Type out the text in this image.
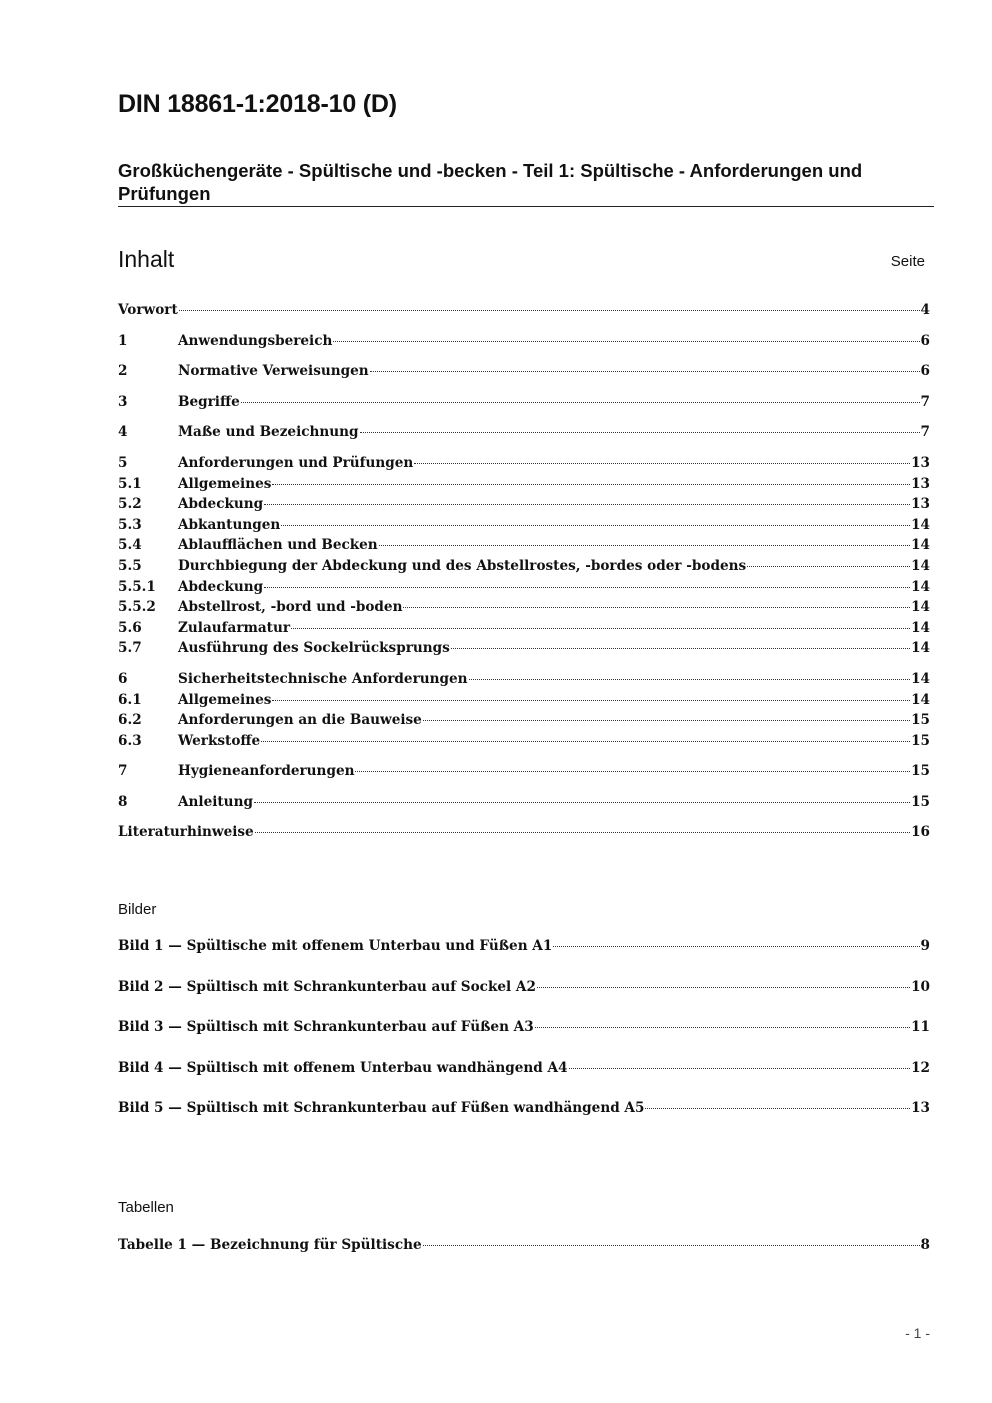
DIN 18861-1:2018-10 (D)
Großküchengeräte - Spültische und -becken - Teil 1: Spültische - Anforderungen und Prüfungen
Inhalt	Seite
Vorwort	4
1	Anwendungsbereich	6
2	Normative Verweisungen	6
3	Begriffe	7
4	Maße und Bezeichnung	7
5	Anforderungen und Prüfungen	13
5.1	Allgemeines	13
5.2	Abdeckung	13
5.3	Abkantungen	14
5.4	Ablaufflächen und Becken	14
5.5	Durchbiegung der Abdeckung und des Abstellrostes, -bordes oder -bodens	14
5.5.1	Abdeckung	14
5.5.2	Abstellrost, -bord und -boden	14
5.6	Zulaufarmatur	14
5.7	Ausführung des Sockelrücksprungs	14
6	Sicherheitstechnische Anforderungen	14
6.1	Allgemeines	14
6.2	Anforderungen an die Bauweise	15
6.3	Werkstoffe	15
7	Hygieneanforderungen	15
8	Anleitung	15
Literaturhinweise	16
Bilder
Bild 1 — Spültische mit offenem Unterbau und Füßen A1	9
Bild 2 — Spültisch mit Schrankunterbau auf Sockel A2	10
Bild 3 — Spültisch mit Schrankunterbau auf Füßen A3	11
Bild 4 — Spültisch mit offenem Unterbau wandhängend A4	12
Bild 5 — Spültisch mit Schrankunterbau auf Füßen wandhängend A5	13
Tabellen
Tabelle 1 — Bezeichnung für Spültische	8
- 1 -
